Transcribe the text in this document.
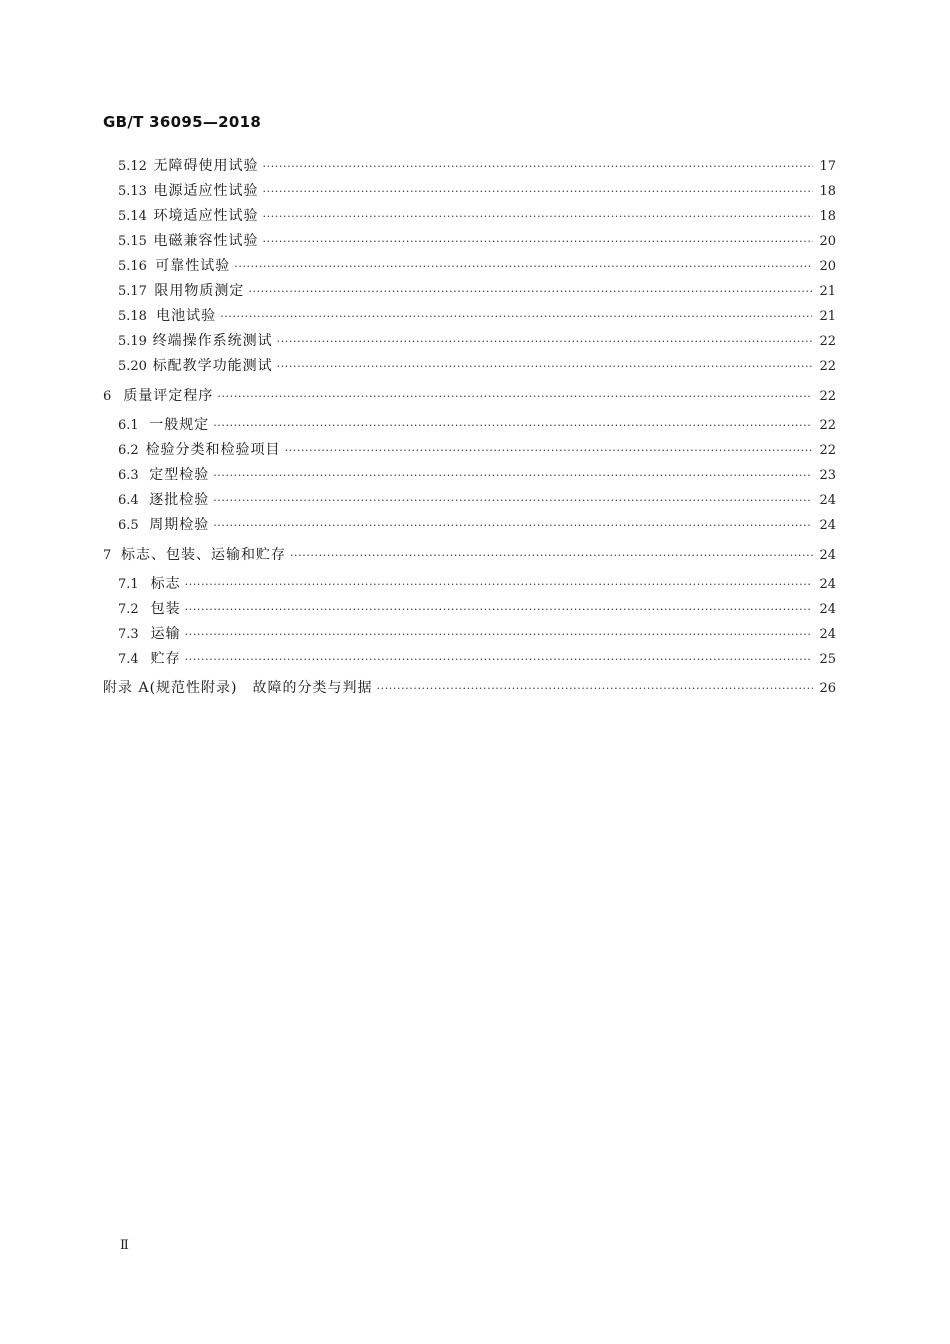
GB/T 36095—2018
5.12 无障碍使用试验 ·····	17
5.13 电源适应性试验 ·····	18
5.14 环境适应性试验 ·····	18
5.15 电磁兼容性试验 ·····	20
5.16 可靠性试验 ·····	20
5.17 限用物质测定 ·····	21
5.18 电池试验 ·····	21
5.19 终端操作系统测试 ·····	22
5.20 标配教学功能测试 ·····	22
6 质量评定程序 ·····	22
6.1 一般规定 ·····	22
6.2 检验分类和检验项目 ·····	22
6.3 定型检验 ·····	23
6.4 逐批检验 ·····	24
6.5 周期检验 ·····	24
7 标志、包装、运输和贮存 ·····	24
7.1 标志 ·····	24
7.2 包装 ·····	24
7.3 运输 ·····	24
7.4 贮存 ·····	25
附录 A (规范性附录)　故障的分类与判据 ·····	26
Ⅱ
